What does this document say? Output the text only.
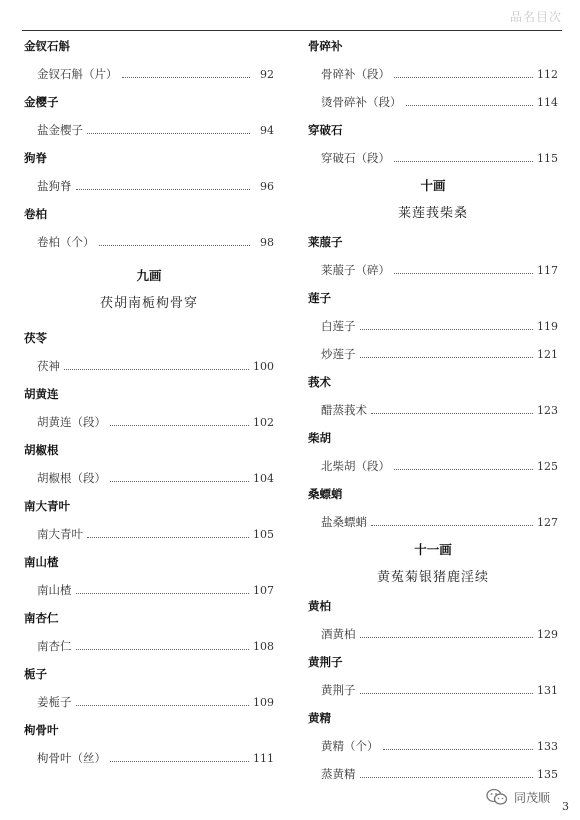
品名目次
金钗石斛
金钗石斛（片）	92
金樱子
盐金樱子	94
狗脊
盐狗脊	96
卷柏
卷柏（个）	98
九画
茯胡南栀枸骨穿
茯苓
茯神	100
胡黄连
胡黄连（段）	102
胡椒根
胡椒根（段）	104
南大青叶
南大青叶	105
南山楂
南山楂	107
南杏仁
南杏仁	108
栀子
姜栀子	109
枸骨叶
枸骨叶（丝）	111
骨碎补
骨碎补（段）	112
烫骨碎补（段）	114
穿破石
穿破石（段）	115
十画
莱莲莪柴桑
莱菔子
莱菔子（碎）	117
莲子
白莲子	119
炒莲子	121
莪术
醋蒸莪术	123
柴胡
北柴胡（段）	125
桑螵蛸
盐桑螵蛸	127
十一画
黄菟菊银猪鹿淫续
黄柏
酒黄柏	129
黄荆子
黄荆子	131
黄精
黄精（个）	133
蒸黄精	135
同茂顺
3
